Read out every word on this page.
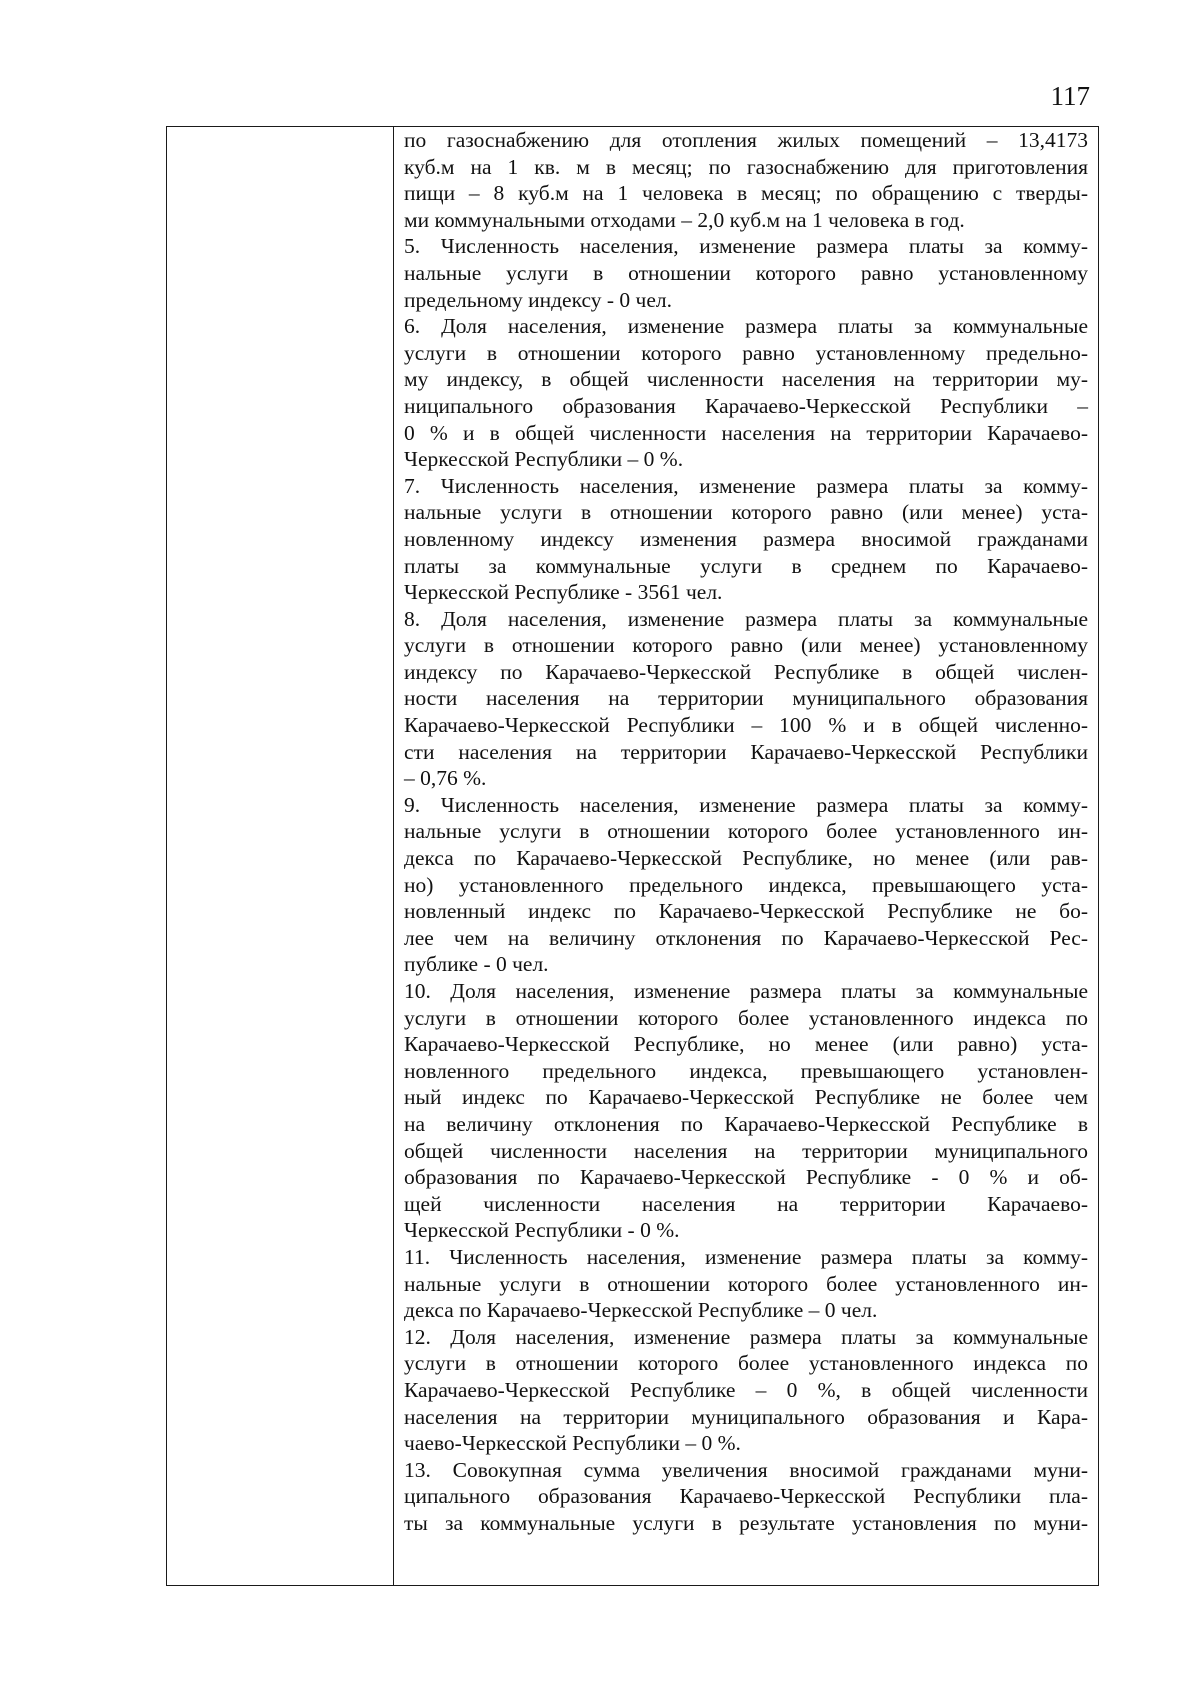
117

по газоснабжению для отопления жилых помещений – 13,4173
куб.м на 1 кв. м в месяц; по газоснабжению для приготовления
пищи – 8 куб.м на 1 человека в месяц; по обращению с тверды-
ми коммунальными отходами – 2,0 куб.м на 1 человека в год.
5. Численность населения, изменение размера платы за комму-
нальные услуги в отношении которого равно установленному
предельному индексу - 0 чел.
6. Доля населения, изменение размера платы за коммунальные
услуги в отношении которого равно установленному предельно-
му индексу, в общей численности населения на территории му-
ниципального образования Карачаево-Черкесской Республики –
0 % и в общей численности населения на территории Карачаево-
Черкесской Республики – 0 %.
7. Численность населения, изменение размера платы за комму-
нальные услуги в отношении которого равно (или менее) уста-
новленному индексу изменения размера вносимой гражданами
платы за коммунальные услуги в среднем по Карачаево-
Черкесской Республике - 3561 чел.
8. Доля населения, изменение размера платы за коммунальные
услуги в отношении которого равно (или менее) установленному
индексу по Карачаево-Черкесской Республике в общей числен-
ности населения на территории муниципального образования
Карачаево-Черкесской Республики – 100 % и в общей численно-
сти населения на территории Карачаево-Черкесской Республики
– 0,76 %.
9. Численность населения, изменение размера платы за комму-
нальные услуги в отношении которого более установленного ин-
декса по Карачаево-Черкесской Республике, но менее (или рав-
но) установленного предельного индекса, превышающего уста-
новленный индекс по Карачаево-Черкесской Республике не бо-
лее чем на величину отклонения по Карачаево-Черкесской Рес-
публике - 0 чел.
10. Доля населения, изменение размера платы за коммунальные
услуги в отношении которого более установленного индекса по
Карачаево-Черкесской Республике, но менее (или равно) уста-
новленного предельного индекса, превышающего установлен-
ный индекс по Карачаево-Черкесской Республике не более чем
на величину отклонения по Карачаево-Черкесской Республике в
общей численности населения на территории муниципального
образования по Карачаево-Черкесской Республике - 0 % и об-
щей численности населения на территории Карачаево-
Черкесской Республики - 0 %.
11. Численность населения, изменение размера платы за комму-
нальные услуги в отношении которого более установленного ин-
декса по Карачаево-Черкесской Республике – 0 чел.
12. Доля населения, изменение размера платы за коммунальные
услуги в отношении которого более установленного индекса по
Карачаево-Черкесской Республике – 0 %, в общей численности
населения на территории муниципального образования и Кара-
чаево-Черкесской Республики – 0 %.
13. Совокупная сумма увеличения вносимой гражданами муни-
ципального образования Карачаево-Черкесской Республики пла-
ты за коммунальные услуги в результате установления по муни-
